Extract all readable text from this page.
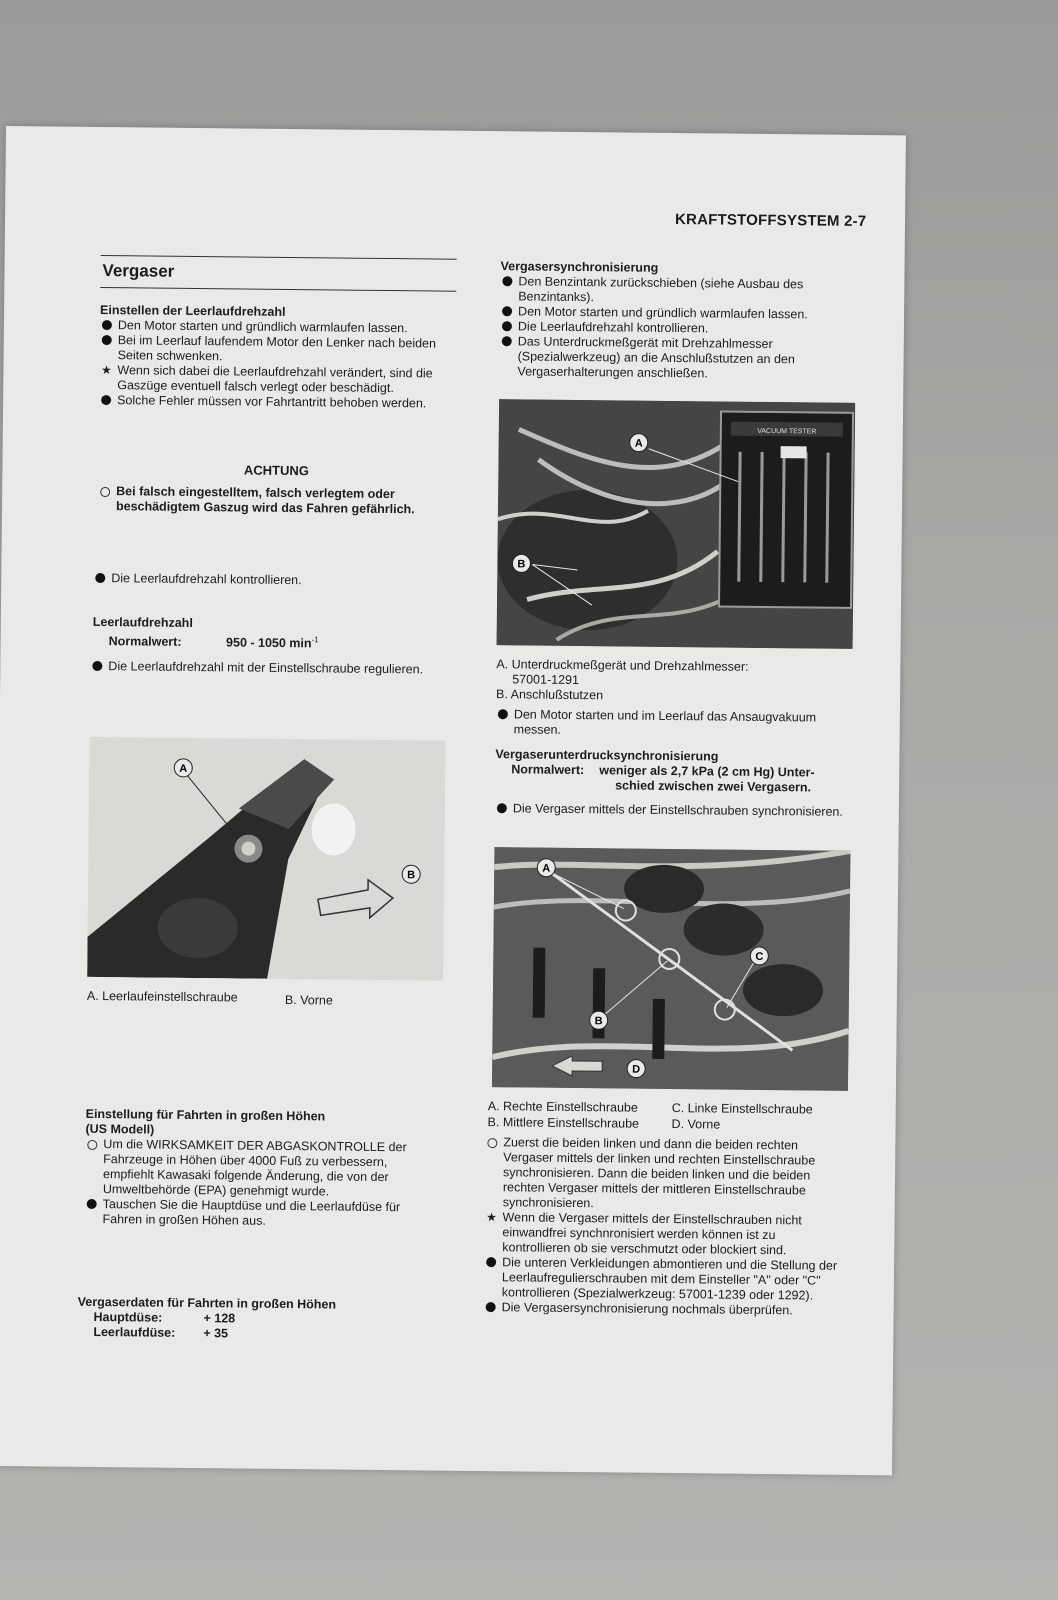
KRAFTSTOFFSYSTEM 2-7
Vergaser
Einstellen der Leerlaufdrehzahl
Den Motor starten und gründlich warmlaufen lassen.
Bei im Leerlauf laufendem Motor den Lenker nach beiden Seiten schwenken.
★ Wenn sich dabei die Leerlaufdrehzahl verändert, sind die Gaszüge eventuell falsch verlegt oder beschädigt.
Solche Fehler müssen vor Fahrtantritt behoben werden.
ACHTUNG
Bei falsch eingestelltem, falsch verlegtem oder beschädigtem Gaszug wird das Fahren gefährlich.
Die Leerlaufdrehzahl kontrollieren.
Leerlaufdrehzahl
Normalwert:	950 - 1050 $\min^{-1}$
Die Leerlaufdrehzahl mit der Einstellschraube regulieren.
A
B
A. Leerlaufeinstellschraube	B. Vorne
Einstellung für Fahrten in großen Höhen
(US Modell)
Um die WIRKSAMKEIT DER ABGASKONTROLLE der Fahrzeuge in Höhen über 4000 Fuß zu verbessern, empfiehlt Kawasaki folgende Änderung, die von der Umweltbehörde (EPA) genehmigt wurde.
Tauschen Sie die Hauptdüse und die Leerlaufdüse für Fahren in großen Höhen aus.
Vergaserdaten für Fahrten in großen Höhen
Hauptdüse:	+ 128
Leerlaufdüse: + 35
Vergasersynchronisierung
Den Benzintank zurückschieben (siehe Ausbau des Benzintanks).
Den Motor starten und gründlich warmlaufen lassen.
Die Leerlaufdrehzahl kontrollieren.
Das Unterdruckmeßgerät mit Drehzahlmesser (Spezialwerkzeug) an die Anschlußstutzen an den Vergaserhalterungen anschließen.
VACUUM TESTER
A
B
A. Unterdruckmeßgerät und Drehzahlmesser:
57001-1291
B. Anschlußstutzen
Den Motor starten und im Leerlauf das Ansaugvakuum messen.
Vergaserunterdrucksynchronisierung
Normalwert: weniger als 2,7 kPa (2 cm Hg) Unter-
schied zwischen zwei Vergasern.
Die Vergaser mittels der Einstellschrauben synchronisieren.
A
B
C
D
A. Rechte Einstellschraube	C. Linke Einstellschraube
B. Mittlere Einstellschraube	D. Vorne
Zuerst die beiden linken und dann die beiden rechten Vergaser mittels der linken und rechten Einstellschraube synchronisieren. Dann die beiden linken und die beiden rechten Vergaser mittels der mittleren Einstellschraube synchronisieren.
★ Wenn die Vergaser mittels der Einstellschrauben nicht einwandfrei synchnronisiert werden können ist zu kontrollieren ob sie verschmutzt oder blockiert sind.
Die unteren Verkleidungen abmontieren und die Stellung der Leerlaufregulierschrauben mit dem Einsteller "A" oder "C" kontrollieren (Spezialwerkzeug: 57001-1239 oder 1292).
Die Vergasersynchronisierung nochmals überprüfen.
